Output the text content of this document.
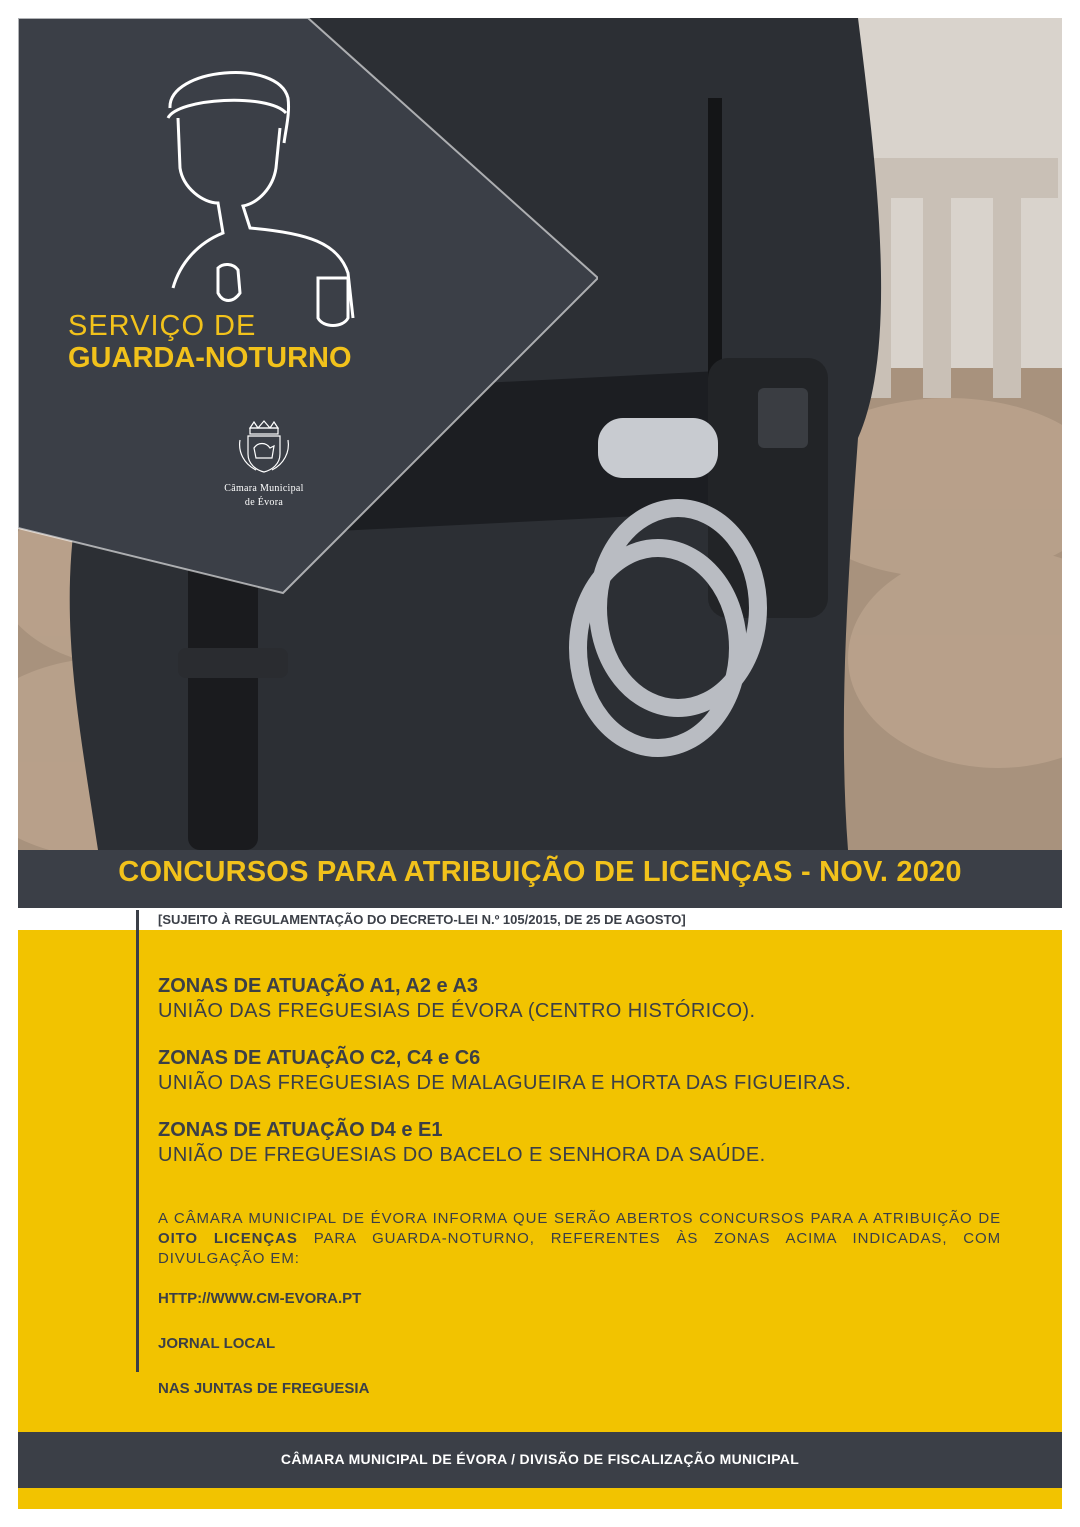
SERVIÇO DE
GUARDA-NOTURNO
Câmara Municipal
de Évora
CONCURSOS PARA ATRIBUIÇÃO DE LICENÇAS - NOV. 2020
[SUJEITO À REGULAMENTAÇÃO DO DECRETO-LEI N.º 105/2015, DE 25 DE AGOSTO]
ZONAS DE ATUAÇÃO A1, A2 e A3
UNIÃO DAS FREGUESIAS DE ÉVORA (CENTRO HISTÓRICO).
ZONAS DE ATUAÇÃO C2, C4 e C6
UNIÃO DAS FREGUESIAS DE MALAGUEIRA E HORTA DAS FIGUEIRAS.
ZONAS DE ATUAÇÃO D4 e E1
UNIÃO DE FREGUESIAS DO BACELO E SENHORA DA SAÚDE.
A CÂMARA MUNICIPAL DE ÉVORA INFORMA QUE SERÃO ABERTOS CONCURSOS PARA A ATRIBUIÇÃO DE OITO LICENÇAS PARA GUARDA-NOTURNO, REFERENTES ÀS ZONAS ACIMA INDICADAS, COM DIVULGAÇÃO EM:
HTTP://WWW.CM-EVORA.PT
JORNAL LOCAL
NAS JUNTAS DE FREGUESIA
CÂMARA MUNICIPAL DE ÉVORA / DIVISÃO DE FISCALIZAÇÃO MUNICIPAL
